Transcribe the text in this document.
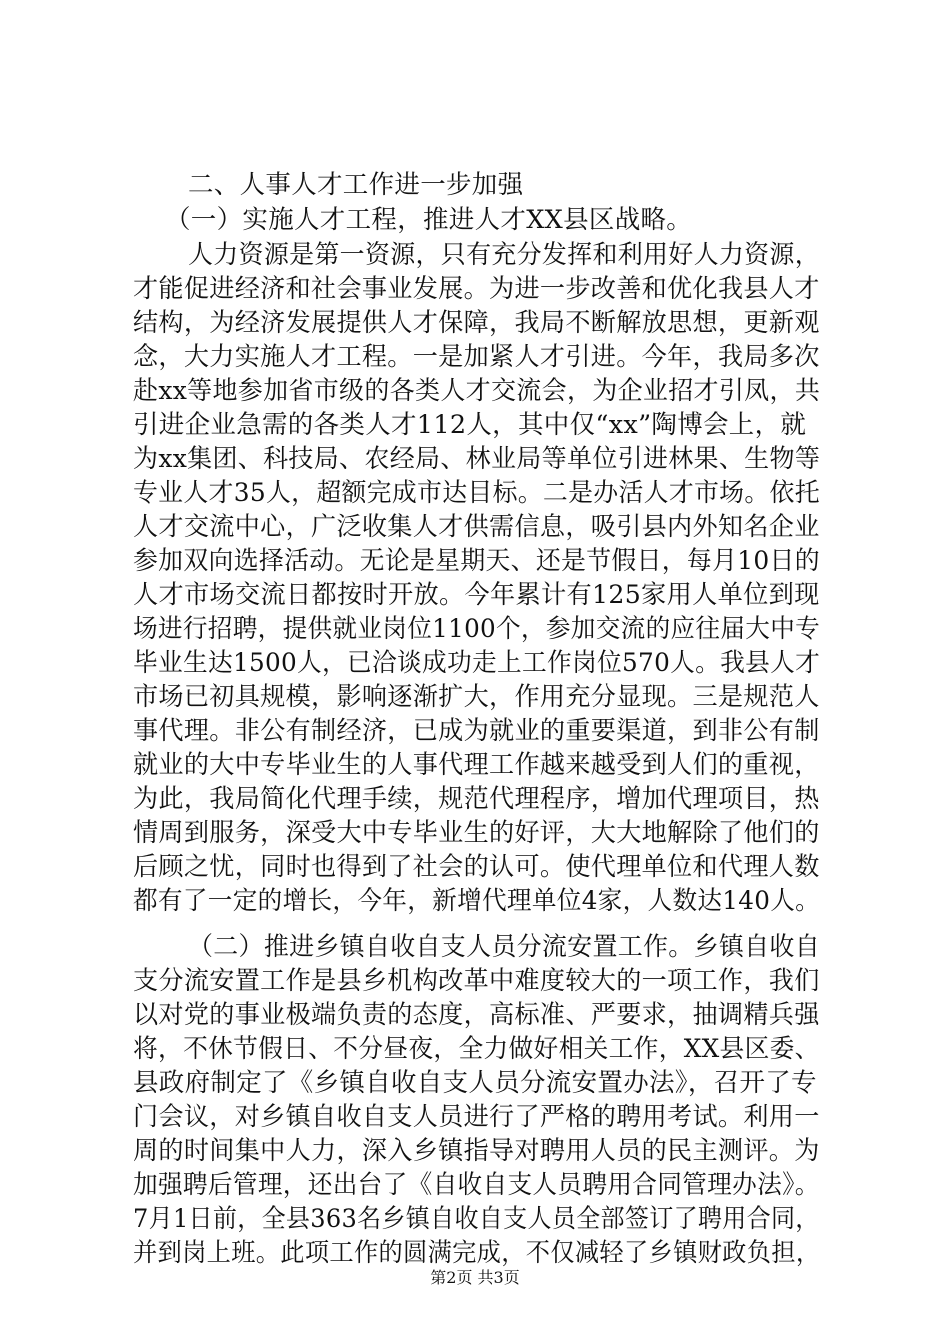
二、人事人才工作进一步加强
（一）实施人才工程，推进人才XX县区战略。
人力资源是第一资源，只有充分发挥和利用好人力资源，
才能促进经济和社会事业发展。为进一步改善和优化我县人才
结构，为经济发展提供人才保障，我局不断解放思想，更新观
念，大力实施人才工程。一是加紧人才引进。今年，我局多次
赴xx等地参加省市级的各类人才交流会，为企业招才引凤，共
引进企业急需的各类人才112人，其中仅“xx”陶博会上，就
为xx集团、科技局、农经局、林业局等单位引进林果、生物等
专业人才35人，超额完成市达目标。二是办活人才市场。依托
人才交流中心，广泛收集人才供需信息，吸引县内外知名企业
参加双向选择活动。无论是星期天、还是节假日，每月10日的
人才市场交流日都按时开放。今年累计有125家用人单位到现
场进行招聘，提供就业岗位1100个，参加交流的应往届大中专
毕业生达1500人，已洽谈成功走上工作岗位570人。我县人才
市场已初具规模，影响逐渐扩大，作用充分显现。三是规范人
事代理。非公有制经济，已成为就业的重要渠道，到非公有制
就业的大中专毕业生的人事代理工作越来越受到人们的重视，
为此，我局简化代理手续，规范代理程序，增加代理项目，热
情周到服务，深受大中专毕业生的好评，大大地解除了他们的
后顾之忧，同时也得到了社会的认可。使代理单位和代理人数
都有了一定的增长，今年，新增代理单位4家，人数达140人。
（二）推进乡镇自收自支人员分流安置工作。乡镇自收自
支分流安置工作是县乡机构改革中难度较大的一项工作，我们
以对党的事业极端负责的态度，高标准、严要求，抽调精兵强
将，不休节假日、不分昼夜，全力做好相关工作，XX县区委、
县政府制定了《乡镇自收自支人员分流安置办法》，召开了专
门会议，对乡镇自收自支人员进行了严格的聘用考试。利用一
周的时间集中人力，深入乡镇指导对聘用人员的民主测评。为
加强聘后管理，还出台了《自收自支人员聘用合同管理办法》。
7月1日前，全县363名乡镇自收自支人员全部签订了聘用合同，
并到岗上班。此项工作的圆满完成，不仅减轻了乡镇财政负担，
第2页 共3页
